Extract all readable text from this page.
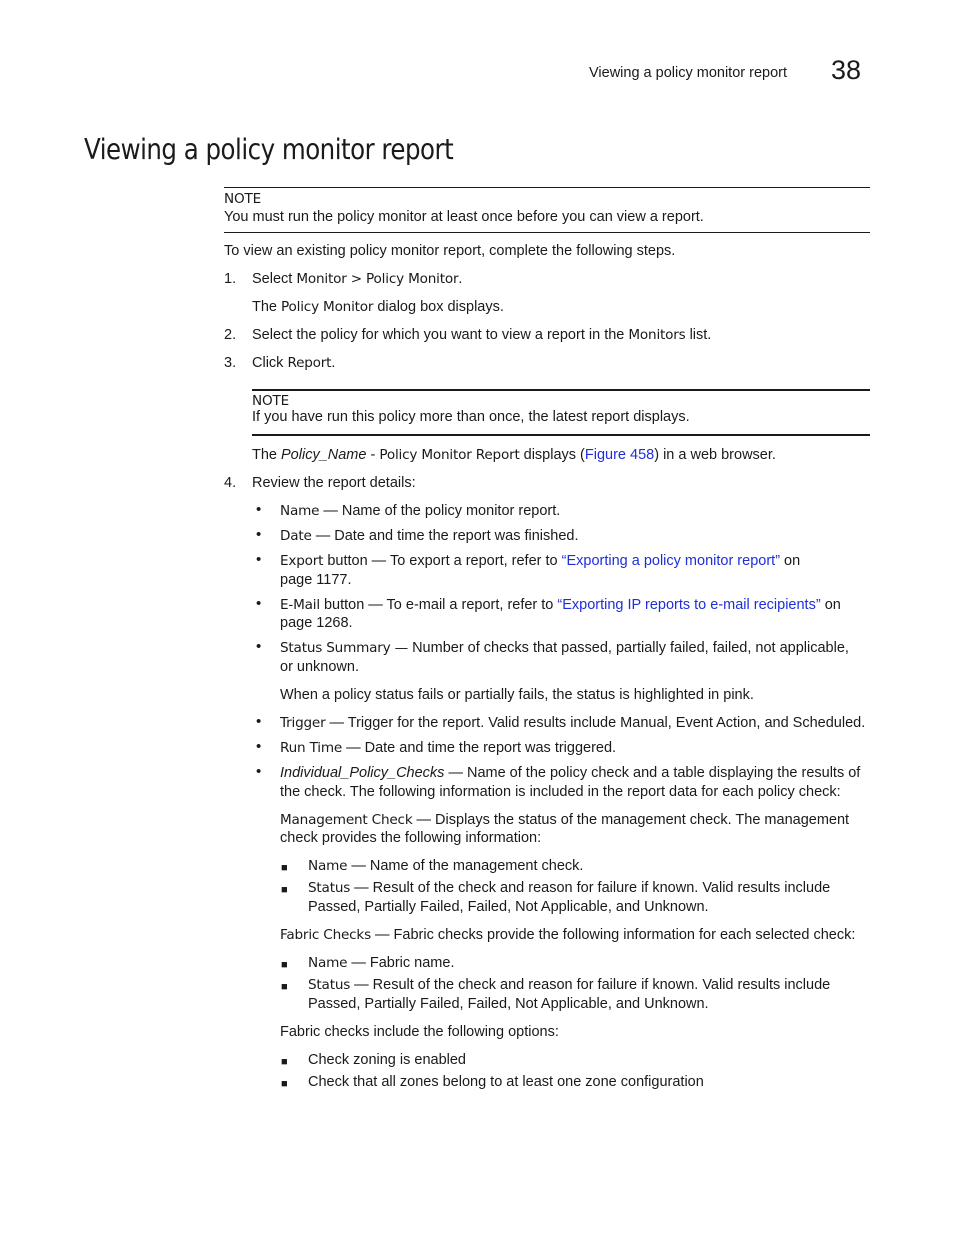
Viewing a policy monitor report 38
Viewing a policy monitor report
NOTE
You must run the policy monitor at least once before you can view a report.
To view an existing policy monitor report, complete the following steps.
1. Select Monitor > Policy Monitor.
The Policy Monitor dialog box displays.
2. Select the policy for which you want to view a report in the Monitors list.
3. Click Report.
NOTE
If you have run this policy more than once, the latest report displays.
The Policy_Name - Policy Monitor Report displays (Figure 458) in a web browser.
4. Review the report details:
• Name — Name of the policy monitor report.
• Date — Date and time the report was finished.
• Export button — To export a report, refer to “Exporting a policy monitor report” on
page 1177.
• E-Mail button — To e-mail a report, refer to “Exporting IP reports to e-mail recipients” on
page 1268.
• Status Summary — Number of checks that passed, partially failed, failed, not applicable,
or unknown.
When a policy status fails or partially fails, the status is highlighted in pink.
• Trigger — Trigger for the report. Valid results include Manual, Event Action, and Scheduled.
• Run Time — Date and time the report was triggered.
• Individual_Policy_Checks — Name of the policy check and a table displaying the results of
the check. The following information is included in the report data for each policy check:
Management Check — Displays the status of the management check. The management
check provides the following information:
■ Name — Name of the management check.
■ Status — Result of the check and reason for failure if known. Valid results include
Passed, Partially Failed, Failed, Not Applicable, and Unknown.
Fabric Checks — Fabric checks provide the following information for each selected check:
■ Name — Fabric name.
■ Status — Result of the check and reason for failure if known. Valid results include
Passed, Partially Failed, Failed, Not Applicable, and Unknown.
Fabric checks include the following options:
■ Check zoning is enabled
■ Check that all zones belong to at least one zone configuration
